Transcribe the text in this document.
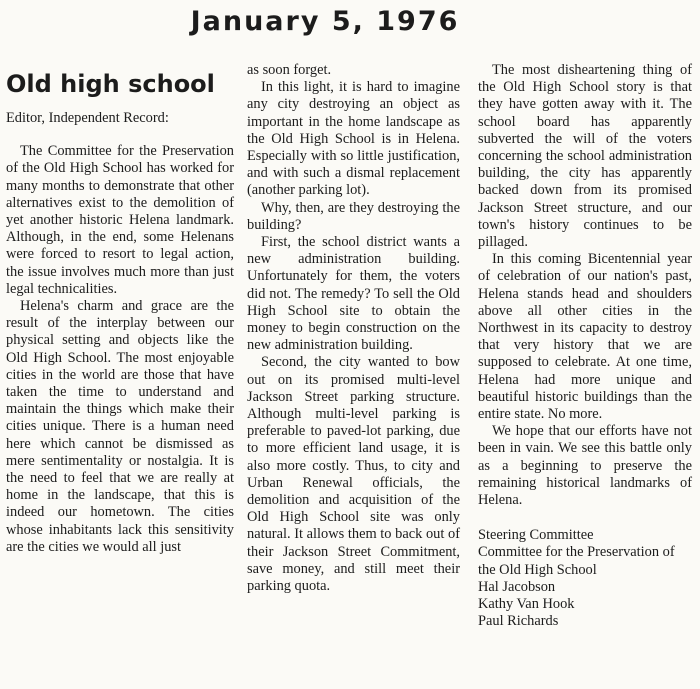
January 5, 1976
Old high school

Editor, Independent Record:

The Committee for the Preservation of the Old High School has worked for many months to demonstrate that other alternatives exist to the demolition of yet another historic Helena landmark. Although, in the end, some Helenans were forced to resort to legal action, the issue involves much more than just legal technicalities.

Helena's charm and grace are the result of the interplay between our physical setting and objects like the Old High School. The most enjoyable cities in the world are those that have taken the time to understand and maintain the things which make their cities unique. There is a human need here which cannot be dismissed as mere sentimentality or nostalgia. It is the need to feel that we are really at home in the landscape, that this is indeed our hometown. The cities whose inhabitants lack this sensitivity are the cities we would all just

as soon forget.

In this light, it is hard to imagine any city destroying an object as important in the home landscape as the Old High School is in Helena. Especially with so little justification, and with such a dismal replacement (another parking lot).

Why, then, are they destroying the building?

First, the school district wants a new administration building. Unfortunately for them, the voters did not. The remedy? To sell the Old High School site to obtain the money to begin construction on the new administration building.

Second, the city wanted to bow out on its promised multi-level Jackson Street parking structure. Although multi-level parking is preferable to paved-lot parking, due to more efficient land usage, it is also more costly. Thus, to city and Urban Renewal officials, the demolition and acquisition of the Old High School site was only natural. It allows them to back out of their Jackson Street Commitment, save money, and still meet their parking quota.

The most disheartening thing of the Old High School story is that they have gotten away with it. The school board has apparently subverted the will of the voters concerning the school administration building, the city has apparently backed down from its promised Jackson Street structure, and our town's history continues to be pillaged.

In this coming Bicentennial year of celebration of our nation's past, Helena stands head and shoulders above all other cities in the Northwest in its capacity to destroy that very history that we are supposed to celebrate. At one time, Helena had more unique and beautiful historic buildings than the entire state. No more.

We hope that our efforts have not been in vain. We see this battle only as a beginning to preserve the remaining historical landmarks of Helena.

Steering Committee
Committee for the Preservation of the Old High School
Hal Jacobson
Kathy Van Hook
Paul Richards
